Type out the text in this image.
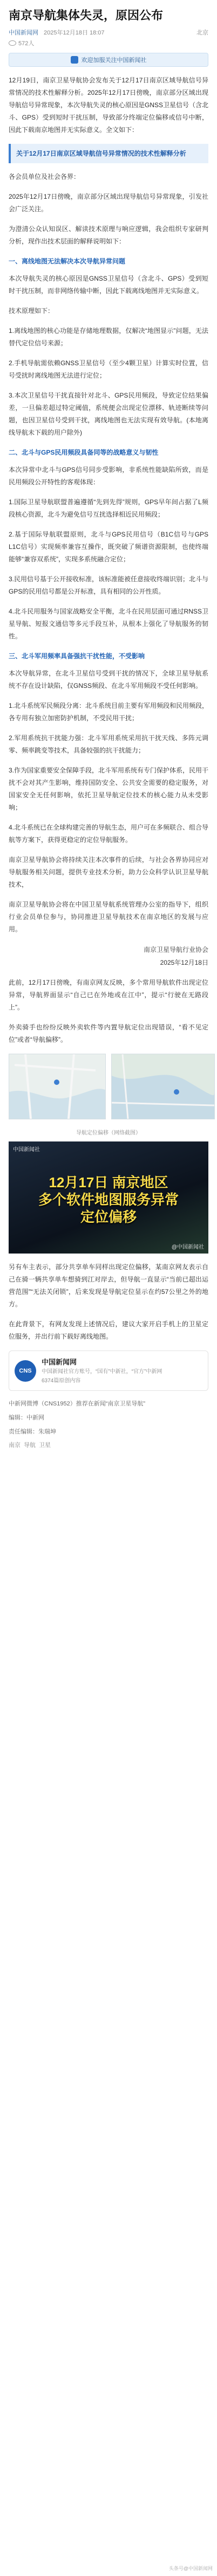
南京导航集体失灵，原因公布
中国新闻网 2025年12月18日 18:07	北京
572人
欢迎加服关注中国新闻社

12月19日，南京卫星导航协会发布关于12月17日南京区域导航信号异常情况的技术性解释分析。2025年12月17日傍晚，南京部分区域出现导航信号异常现象，本次导航失灵的核心原因是GNSS卫星信号（含北斗、GPS）受到短时干扰压制，导致部分终端定位偏移或信号中断，因此下载南京地图并无实际意义。全文如下：

关于12月17日南京区域导航信号异常情况的技术性解释分析

各会员单位及社会各界：

2025年12月17日傍晚，南京部分区域出现导航信号异常现象，引发社会广泛关注。

为澄清公众认知误区、解读技术原理与响应逻辑，我会组织专家研判分析，现作出技术层面的解释说明如下：

一、离线地图无法解决本次导航异常问题

本次导航失灵的核心原因是GNSS卫星信号（含北斗、GPS）受到短时干扰压制，而非网络传输中断，因此下载离线地图并无实际意义。

技术原理如下：

1.离线地图的核心功能是存储地理数据，仅解决“地图显示”问题，无法替代定位信号来源；

2.手机导航需依赖GNSS卫星信号（至少4颗卫星）计算实时位置，信号受扰时离线地图无法进行定位；

3.本次卫星信号干扰直接针对北斗、GPS民用频段，导致定位结果偏差，一旦偏差超过特定阈值，系统便会出现定位漂移、轨迹断续等问题，也因卫星信号受到干扰，离线地图也无法实现有效导航。(本地离线导航未下载的用户除外)

二、北斗与GPS民用频段具备同等的战略意义与韧性

本次异常中北斗与GPS信号同步受影响，非系统性能缺陷所致，而是民用频段公开特性的客观体现：

1.国际卫星导航联盟普遍遵循“先到先得”规则，GPS早年间占据了L频段核心资源，北斗为避免信号互扰选择相近民用频段；

2.基于国际导航联盟原则，北斗与GPS民用信号（B1C信号与GPS L1C信号）实现频率兼容互操作，既突破了频谱资源限制，也使终端能够“兼容双系统”，实现多系统融合定位；

3.民用信号基于公开接收标准，该标准能被任意接收终端识别；北斗与GPS的民用信号都是公开标准，具有相同的公开性质。

4.北斗民用服务与国家战略安全平衡，北斗在民用层面可通过RNSS卫星导航、短报文通信等多元手段互补，从根本上强化了导航服务的韧性。

三、北斗军用频率具备强抗干扰性能，不受影响

本次导航异常，在北斗卫星信号受到干扰的情况下，全球卫星导航系统不存在设计缺陷，仅GNSS频段、在北斗军用频段不受任何影响。

1.北斗系统军民频段分离：北斗系统目前主要有军用频段和民用频段，各专用有独立加密防护机制，不受民用干扰；

2.军用系统抗干扰能力强：北斗军用系统采用抗干扰天线、多阵元调零、频率跳变等技术，具备较强的抗干扰能力；

3.作为国家重要安全保障手段，北斗军用系统有专门保护体系，民用干扰不会对其产生影响，维持国防安全、公共安全需要的稳定服务，对国家安全无任何影响，依托卫星导航定位技术的核心能力从未受影响；

4.北斗系统已在全球构建完善的导航生态，用户可在多频联合、组合导航等方案下，获得更稳定的定位导航服务。

南京卫星导航协会将持续关注本次事件的后续，与社会各界协同应对导航服务相关问题，提供专业技术分析，助力公众科学认识卫星导航技术，

南京卫星导航协会将在中国卫星导航系统管理办公室的指导下，组织行业会员单位参与，协同推进卫星导航技术在南京地区的发展与应用。

南京卫星导航行业协会
2025年12月18日

此前，12月17日傍晚，有南京网友反映，多个常用导航软件出现定位异常，导航界面显示“自己已在外地或在江中”，提示“行驶在无路段上”。

外卖骑手也纷纷反映外卖软件等内置导航定位出现错误，“看不见定位”或者“导航偏移”。

导航定位偏移（网络截图）
中国新闻社
12月17日 南京地区
多个软件地图服务异常
定位偏移
@中国新闻社

另有车主表示，部分共享单车同样出现定位偏移，某南京网友表示自己在骑一辆共享单车想骑到江对岸去，但导航一直显示“当前已超出运营范围”“无法关闭锁”，后来发现是导航定位显示在约57公里之外的地方。

在此背景下，有网友发现上述情况后，建议大家开启手机上的卫星定位服务，并出行前下载好离线地图。

CNS
中国新闻网
中国新闻社官方账号，“国有”中新社，“官方”中新网
6374篇原创内容
中新网微博（CNS1952）推荐在新闻“南京卫星导航”
编辑：中新网
责任编辑：朱瑞坤
南京 导航 卫星
头条号@中国新闻网
